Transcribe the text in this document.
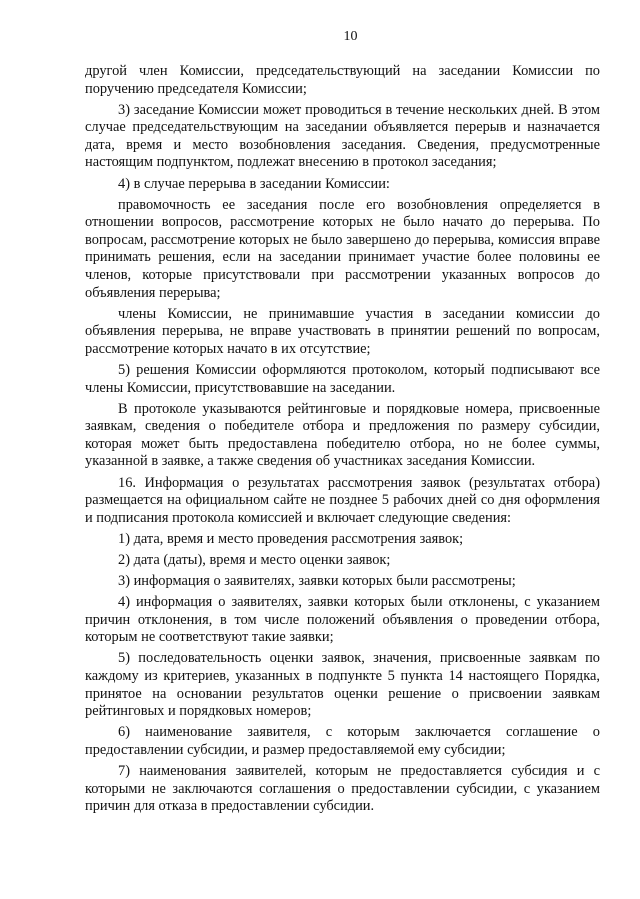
10

другой член Комиссии, председательствующий на заседании Комиссии по поручению председателя Комиссии;

3) заседание Комиссии может проводиться в течение нескольких дней. В этом случае председательствующим на заседании объявляется перерыв и назначается дата, время и место возобновления заседания. Сведения, предусмотренные настоящим подпунктом, подлежат внесению в протокол заседания;

4) в случае перерыва в заседании Комиссии:

правомочность ее заседания после его возобновления определяется в отношении вопросов, рассмотрение которых не было начато до перерыва. По вопросам, рассмотрение которых не было завершено до перерыва, комиссия вправе принимать решения, если на заседании принимает участие более половины ее членов, которые присутствовали при рассмотрении указанных вопросов до объявления перерыва;

члены Комиссии, не принимавшие участия в заседании комиссии до объявления перерыва, не вправе участвовать в принятии решений по вопросам, рассмотрение которых начато в их отсутствие;

5) решения Комиссии оформляются протоколом, который подписывают все члены Комиссии, присутствовавшие на заседании.

В протоколе указываются рейтинговые и порядковые номера, присвоенные заявкам, сведения о победителе отбора и предложения по размеру субсидии, которая может быть предоставлена победителю отбора, но не более суммы, указанной в заявке, а также сведения об участниках заседания Комиссии.

16. Информация о результатах рассмотрения заявок (результатах отбора) размещается на официальном сайте не позднее 5 рабочих дней со дня оформления и подписания протокола комиссией и включает следующие сведения:

1) дата, время и место проведения рассмотрения заявок;

2) дата (даты), время и место оценки заявок;

3) информация о заявителях, заявки которых были рассмотрены;

4) информация о заявителях, заявки которых были отклонены, с указанием причин отклонения, в том числе положений объявления о проведении отбора, которым не соответствуют такие заявки;

5) последовательность оценки заявок, значения, присвоенные заявкам по каждому из критериев, указанных в подпункте 5 пункта 14 настоящего Порядка, принятое на основании результатов оценки решение о присвоении заявкам рейтинговых и порядковых номеров;

6) наименование заявителя, с которым заключается соглашение о предоставлении субсидии, и размер предоставляемой ему субсидии;

7) наименования заявителей, которым не предоставляется субсидия и с которыми не заключаются соглашения о предоставлении субсидии, с указанием причин для отказа в предоставлении субсидии.
